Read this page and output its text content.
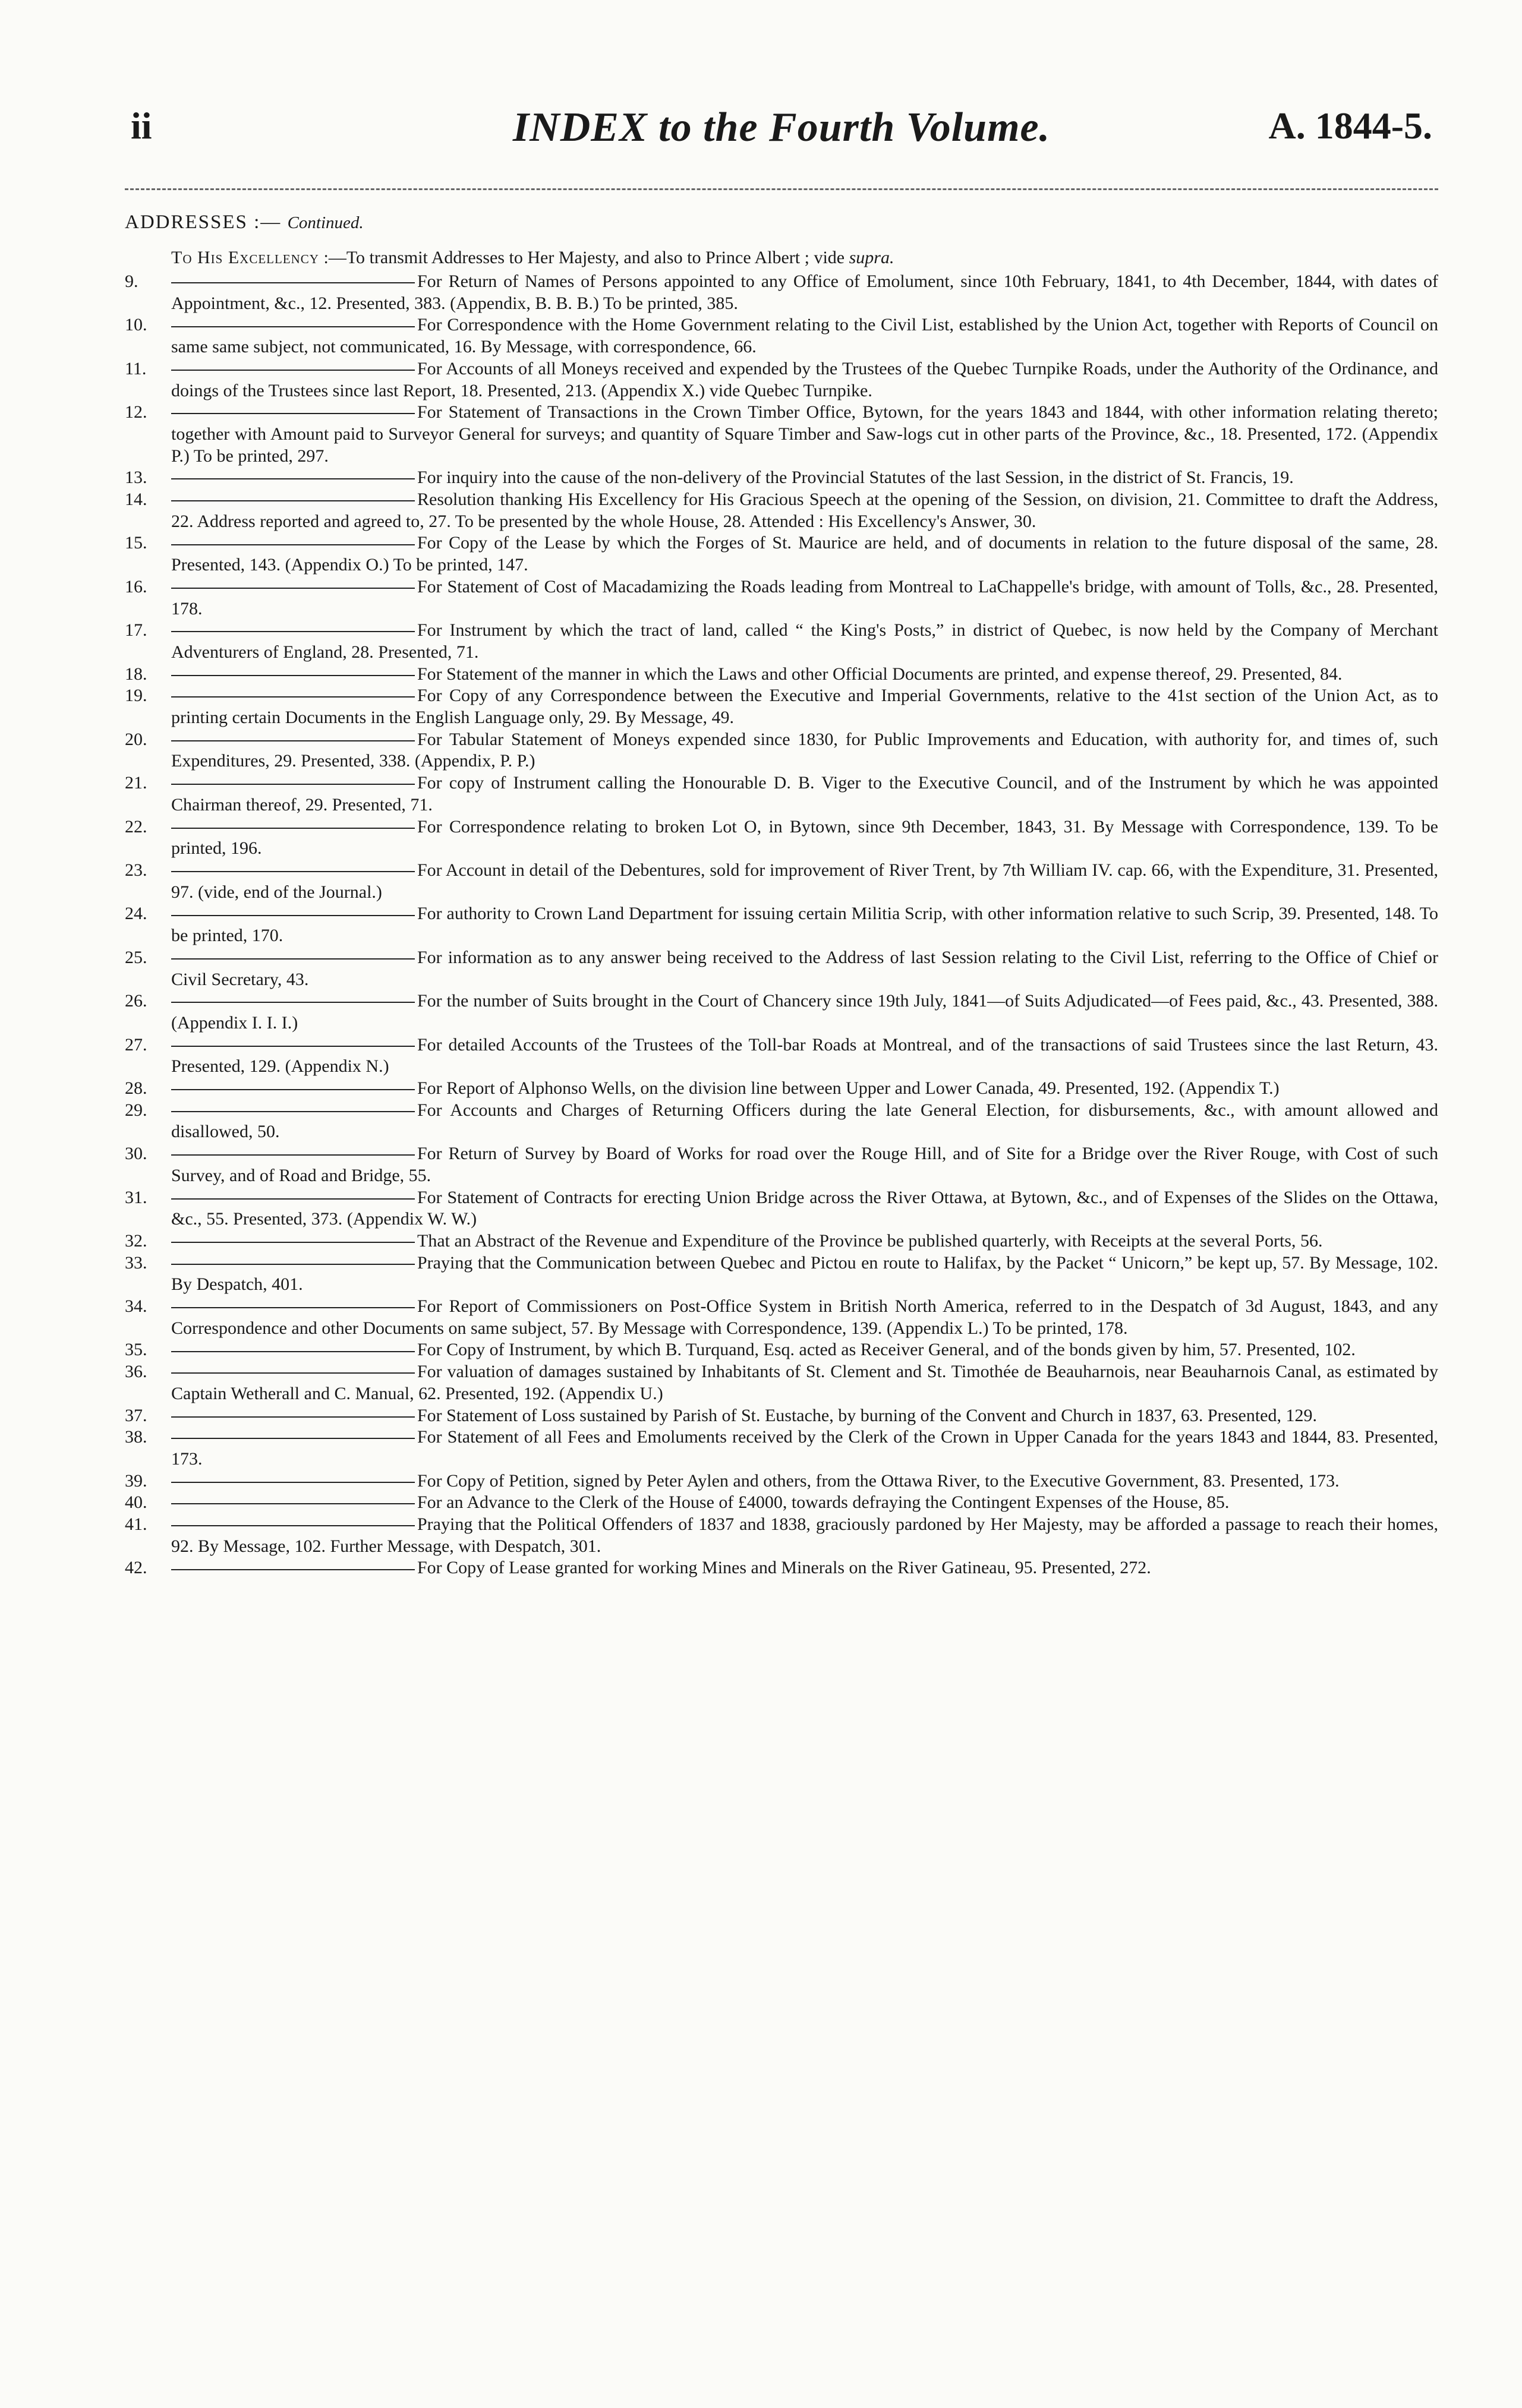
ii	INDEX to the Fourth Volume.	A. 1844-5.
ADDRESSES :— Continued.
To His Excellency :—To transmit Addresses to Her Majesty, and also to Prince Albert ; vide supra.
9.	For Return of Names of Persons appointed to any Office of Emolument, since 10th February, 1841, to 4th December, 1844, with dates of Appointment, &c., 12. Presented, 383. (Appendix, B. B. B.) To be printed, 385.
10.	For Correspondence with the Home Government relating to the Civil List, established by the Union Act, together with Reports of Council on same same subject, not communicated, 16. By Message, with correspondence, 66.
11.	For Accounts of all Moneys received and expended by the Trustees of the Quebec Turnpike Roads, under the Authority of the Ordinance, and doings of the Trustees since last Report, 18. Presented, 213. (Appendix X.) vide Quebec Turnpike.
12.	For Statement of Transactions in the Crown Timber Office, Bytown, for the years 1843 and 1844, with other information relating thereto; together with Amount paid to Surveyor General for surveys; and quantity of Square Timber and Saw-logs cut in other parts of the Province, &c., 18. Presented, 172. (Appendix P.) To be printed, 297.
13.	For inquiry into the cause of the non-delivery of the Provincial Statutes of the last Session, in the district of St. Francis, 19.
14.	Resolution thanking His Excellency for His Gracious Speech at the opening of the Session, on division, 21. Committee to draft the Address, 22. Address reported and agreed to, 27. To be presented by the whole House, 28. Attended : His Excellency's Answer, 30.
15.	For Copy of the Lease by which the Forges of St. Maurice are held, and of documents in relation to the future disposal of the same, 28. Presented, 143. (Appendix O.) To be printed, 147.
16.	For Statement of Cost of Macadamizing the Roads leading from Montreal to LaChappelle's bridge, with amount of Tolls, &c., 28. Presented, 178.
17.	For Instrument by which the tract of land, called “ the King's Posts,” in district of Quebec, is now held by the Company of Merchant Adventurers of England, 28. Presented, 71.
18.	For Statement of the manner in which the Laws and other Official Documents are printed, and expense thereof, 29. Presented, 84.
19.	For Copy of any Correspondence between the Executive and Imperial Governments, relative to the 41st section of the Union Act, as to printing certain Documents in the English Language only, 29. By Message, 49.
20.	For Tabular Statement of Moneys expended since 1830, for Public Improvements and Education, with authority for, and times of, such Expenditures, 29. Presented, 338. (Appendix, P. P.)
21.	For copy of Instrument calling the Honourable D. B. Viger to the Executive Council, and of the Instrument by which he was appointed Chairman thereof, 29. Presented, 71.
22.	For Correspondence relating to broken Lot O, in Bytown, since 9th December, 1843, 31. By Message with Correspondence, 139. To be printed, 196.
23.	For Account in detail of the Debentures, sold for improvement of River Trent, by 7th William IV. cap. 66, with the Expenditure, 31. Presented, 97. (vide, end of the Journal.)
24.	For authority to Crown Land Department for issuing certain Militia Scrip, with other information relative to such Scrip, 39. Presented, 148. To be printed, 170.
25.	For information as to any answer being received to the Address of last Session relating to the Civil List, referring to the Office of Chief or Civil Secretary, 43.
26.	For the number of Suits brought in the Court of Chancery since 19th July, 1841—of Suits Adjudicated—of Fees paid, &c., 43. Presented, 388. (Appendix I. I. I.)
27.	For detailed Accounts of the Trustees of the Toll-bar Roads at Montreal, and of the transactions of said Trustees since the last Return, 43. Presented, 129. (Appendix N.)
28.	For Report of Alphonso Wells, on the division line between Upper and Lower Canada, 49. Presented, 192. (Appendix T.)
29.	For Accounts and Charges of Returning Officers during the late General Election, for disbursements, &c., with amount allowed and disallowed, 50.
30.	For Return of Survey by Board of Works for road over the Rouge Hill, and of Site for a Bridge over the River Rouge, with Cost of such Survey, and of Road and Bridge, 55.
31.	For Statement of Contracts for erecting Union Bridge across the River Ottawa, at Bytown, &c., and of Expenses of the Slides on the Ottawa, &c., 55. Presented, 373. (Appendix W. W.)
32.	That an Abstract of the Revenue and Expenditure of the Province be published quarterly, with Receipts at the several Ports, 56.
33.	Praying that the Communication between Quebec and Pictou en route to Halifax, by the Packet “ Unicorn,” be kept up, 57. By Message, 102. By Despatch, 401.
34.	For Report of Commissioners on Post-Office System in British North America, referred to in the Despatch of 3d August, 1843, and any Correspondence and other Documents on same subject, 57. By Message with Correspondence, 139. (Appendix L.) To be printed, 178.
35.	For Copy of Instrument, by which B. Turquand, Esq. acted as Receiver General, and of the bonds given by him, 57. Presented, 102.
36.	For valuation of damages sustained by Inhabitants of St. Clement and St. Timothée de Beauharnois, near Beauharnois Canal, as estimated by Captain Wetherall and C. Manual, 62. Presented, 192. (Appendix U.)
37.	For Statement of Loss sustained by Parish of St. Eustache, by burning of the Convent and Church in 1837, 63. Presented, 129.
38.	For Statement of all Fees and Emoluments received by the Clerk of the Crown in Upper Canada for the years 1843 and 1844, 83. Presented, 173.
39.	For Copy of Petition, signed by Peter Aylen and others, from the Ottawa River, to the Executive Government, 83. Presented, 173.
40.	For an Advance to the Clerk of the House of £4000, towards defraying the Contingent Expenses of the House, 85.
41.	Praying that the Political Offenders of 1837 and 1838, graciously pardoned by Her Majesty, may be afforded a passage to reach their homes, 92. By Message, 102. Further Message, with Despatch, 301.
42.	For Copy of Lease granted for working Mines and Minerals on the River Gatineau, 95. Presented, 272.
